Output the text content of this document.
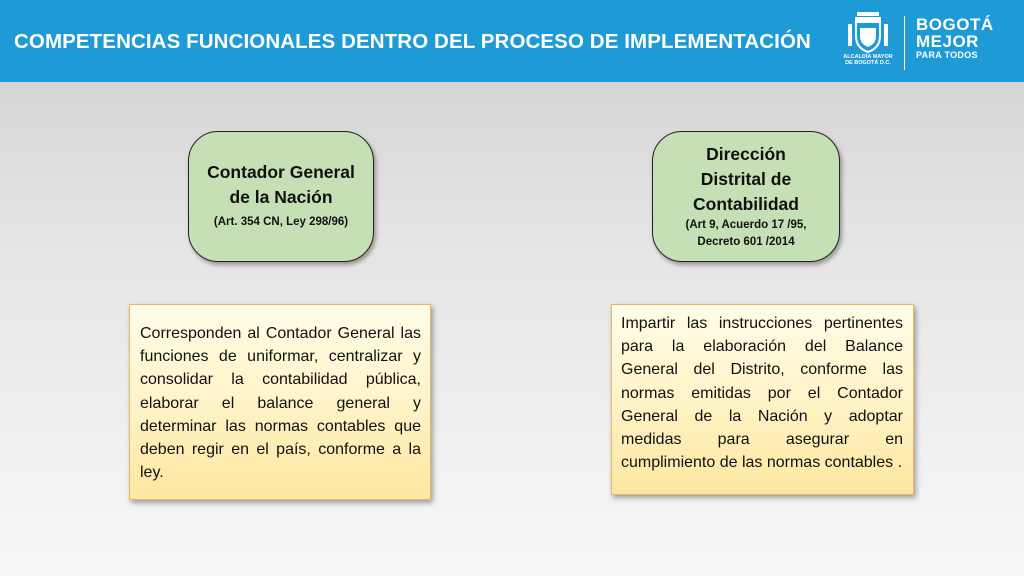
COMPETENCIAS FUNCIONALES DENTRO DEL PROCESO DE IMPLEMENTACIÓN
ALCALDÍA MAYOR
DE BOGOTÁ D.C.
BOGOTÁ
MEJOR
PARA TODOS
Contador General
de la Nación
(Art. 354 CN, Ley 298/96)
Dirección
Distrital de
Contabilidad
(Art 9, Acuerdo 17 /95,
Decreto 601 /2014
Corresponden al Contador General las funciones de uniformar, centralizar y consolidar la contabilidad pública, elaborar el balance general y determinar las normas contables que deben regir en el país, conforme a la ley.
Impartir las instrucciones pertinentes para la elaboración del Balance General del Distrito, conforme las normas emitidas por el Contador General de la Nación y adoptar medidas para asegurar en cumplimiento de las normas contables .
